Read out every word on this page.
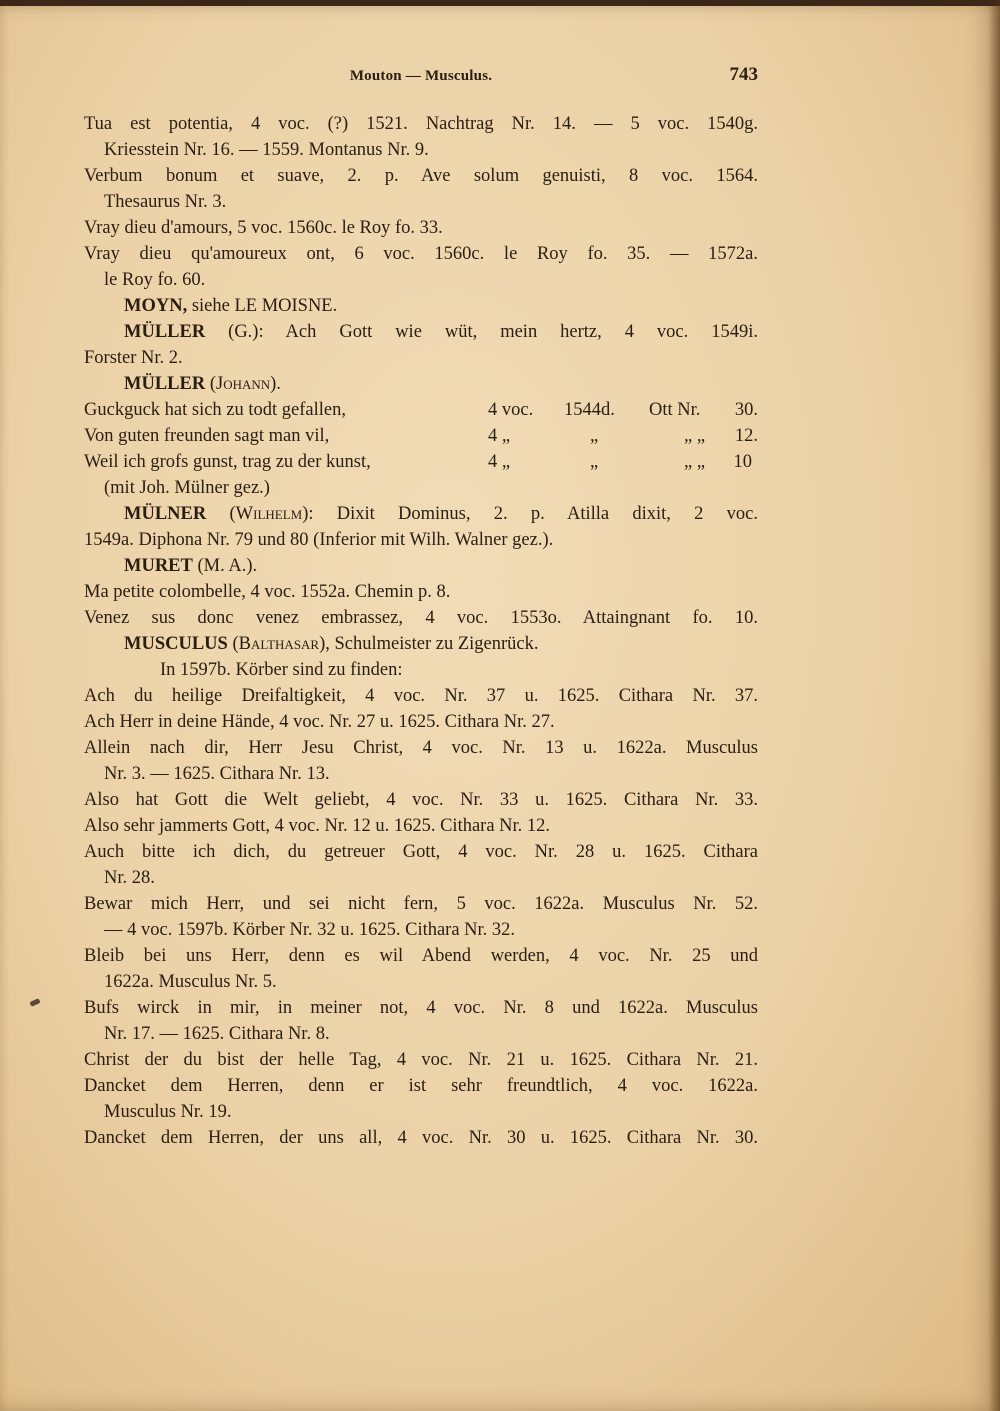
Mouton — Musculus.	743
Tua est potentia, 4 voc. (?) 1521. Nachtrag Nr. 14. — 5 voc. 1540g.
Kriesstein Nr. 16. — 1559. Montanus Nr. 9.
Verbum bonum et suave, 2. p. Ave solum genuisti, 8 voc. 1564.
Thesaurus Nr. 3.
Vray dieu d'amours, 5 voc. 1560c. le Roy fo. 33.
Vray dieu qu'amoureux ont, 6 voc. 1560c. le Roy fo. 35. — 1572a.
le Roy fo. 60.
MOYN, siehe LE MOISNE.
MÜLLER (G.): Ach Gott wie wüt, mein hertz, 4 voc. 1549i.
Forster Nr. 2.
MÜLLER (Johann).
Guckguck hat sich zu todt gefallen,	4 voc. 1544d. Ott Nr. 30.
Von guten freunden sagt man vil,	4 „	„	„ „ 12.
Weil ich grofs gunst, trag zu der kunst,	4 „	„	„ „ 10
(mit Joh. Mülner gez.)
MÜLNER (Wilhelm): Dixit Dominus, 2. p. Atilla dixit, 2 voc.
1549a. Diphona Nr. 79 und 80 (Inferior mit Wilh. Walner gez.).
MURET (M. A.).
Ma petite colombelle, 4 voc. 1552a. Chemin p. 8.
Venez sus donc venez embrassez, 4 voc. 1553o. Attaingnant fo. 10.
MUSCULUS (Balthasar), Schulmeister zu Zigenrück.
In 1597b. Körber sind zu finden:
Ach du heilige Dreifaltigkeit, 4 voc. Nr. 37 u. 1625. Cithara Nr. 37.
Ach Herr in deine Hände, 4 voc. Nr. 27 u. 1625. Cithara Nr. 27.
Allein nach dir, Herr Jesu Christ, 4 voc. Nr. 13 u. 1622a. Musculus
Nr. 3. — 1625. Cithara Nr. 13.
Also hat Gott die Welt geliebt, 4 voc. Nr. 33 u. 1625. Cithara Nr. 33.
Also sehr jammerts Gott, 4 voc. Nr. 12 u. 1625. Cithara Nr. 12.
Auch bitte ich dich, du getreuer Gott, 4 voc. Nr. 28 u. 1625. Cithara
Nr. 28.
Bewar mich Herr, und sei nicht fern, 5 voc. 1622a. Musculus Nr. 52.
— 4 voc. 1597b. Körber Nr. 32 u. 1625. Cithara Nr. 32.
Bleib bei uns Herr, denn es wil Abend werden, 4 voc. Nr. 25 und
1622a. Musculus Nr. 5.
Bufs wirck in mir, in meiner not, 4 voc. Nr. 8 und 1622a. Musculus
Nr. 17. — 1625. Cithara Nr. 8.
Christ der du bist der helle Tag, 4 voc. Nr. 21 u. 1625. Cithara Nr. 21.
Dancket dem Herren, denn er ist sehr freundtlich, 4 voc. 1622a.
Musculus Nr. 19.
Dancket dem Herren, der uns all, 4 voc. Nr. 30 u. 1625. Cithara Nr. 30.
